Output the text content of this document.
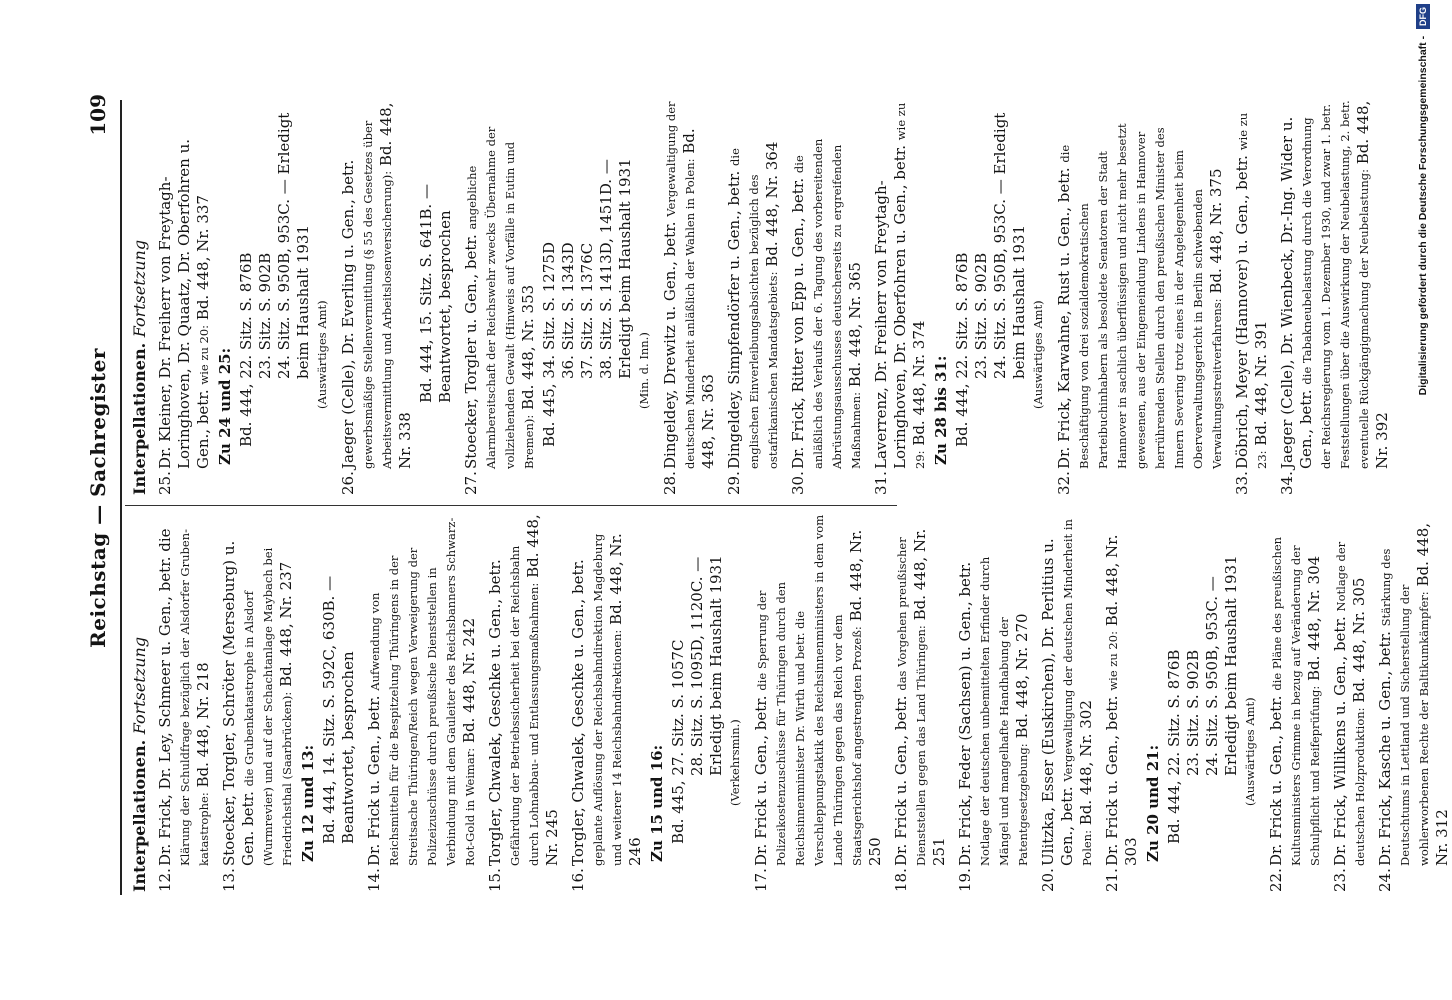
Reichstag — Sachregister
109
Interpellationen. Fortsetzung
12.
Dr. Frick, Dr. Ley, Schmeer u. Gen., betr. die Klärung der Schuldfrage bezüglich der Alsdorfer Gruben-katastrophe: Bd. 448, Nr. 218
13.
Stoecker, Torgler, Schröter (Merseburg) u. Gen. betr. die Grubenkatastrophe in Alsdorf (Wurmrevier) und auf der Schachtanlage Maybach bei Friedrichsthal (Saarbrücken): Bd. 448, Nr. 237
Zu 12 und 13: Bd. 444, 14. Sitz. S. 592C, 630B. — Beantwortet, besprochen
14.
Dr. Frick u. Gen., betr. Aufwendung von Reichsmitteln für die Bespitzelung Thüringens in der Streitsache Thüringen/Reich wegen Verweigerung der Polizeizuschüsse durch preußische Dienststellen in Verbindung mit dem Gauleiter des Reichsbanners Schwarz-Rot-Gold in Weimar: Bd. 448, Nr. 242
15.
Torgler, Chwalek, Geschke u. Gen., betr. Gefährdung der Betriebssicherheit bei der Reichsbahn durch Lohnabbau- und Entlassungsmaßnahmen: Bd. 448, Nr. 245
16.
Torgler, Chwalek, Geschke u. Gen., betr. geplante Auflösung der Reichsbahndirektion Magdeburg und weiterer 14 Reichsbahndirektionen: Bd. 448, Nr. 246 Zu 15 und 16: Bd. 445, 27. Sitz. S. 1057C 28. Sitz. S. 1095D, 1120C. — Erledigt beim Haushalt 1931 (Verkehrsmin.)
17.
Dr. Frick u. Gen., betr. die Sperrung der Polizeikostenzuschüsse für Thüringen durch den Reichsinnenminister Dr. Wirth und betr. die Verschleppungstaktik des Reichsinnenministers in dem vom Lande Thüringen gegen das Reich vor dem Staatsgerichtshof angestrengten Prozeß: Bd. 448, Nr. 250
18.
Dr. Frick u. Gen., betr. das Vorgehen preußischer Dienststellen gegen das Land Thüringen: Bd. 448, Nr. 251
19.
Dr. Frick, Feder (Sachsen) u. Gen., betr. Notlage der deutschen unbemittelten Erfinder durch Mängel und mangelhafte Handhabung der Patentgesetzgebung: Bd. 448, Nr. 270
20.
Ulitzka, Esser (Euskirchen), Dr. Perlitius u. Gen., betr. Vergewaltigung der deutschen Minderheit in Polen: Bd. 448, Nr. 302
21.
Dr. Frick u. Gen., betr. wie zu 20: Bd. 448, Nr. 303 Zu 20 und 21: Bd. 444, 22. Sitz. S. 876B 23. Sitz. S. 902B 24. Sitz. S. 950B, 953C. — Erledigt beim Haushalt 1931 (Auswärtiges Amt)
22.
Dr. Frick u. Gen., betr. die Pläne des preußischen Kultusministers Grimme in bezug auf Veränderung der Schulpflicht und Reifeprüfung: Bd. 448, Nr. 304
23.
Dr. Frick, Willikens u. Gen., betr. Notlage der deutschen Holzproduktion: Bd. 448, Nr. 305
24.
Dr. Frick, Kasche u. Gen., betr. Stärkung des Deutschtums in Lettland und Sicherstellung der wohlerworbenen Rechte der Baltikumkämpfer: Bd. 448, Nr. 312
Interpellationen. Fortsetzung
25.
Dr. Kleiner, Dr. Freiherr von Freytagh-Loringhoven, Dr. Quaatz, Dr. Oberfohren u. Gen., betr. wie zu 20: Bd. 448, Nr. 337
Zu 24 und 25: Bd. 444, 22. Sitz. S. 876B 23. Sitz. S. 902B 24. Sitz. S. 950B, 953C. — Erledigt beim Haushalt 1931 (Auswärtiges Amt)
26.
Jaeger (Celle), Dr. Everling u. Gen., betr. gewerbsmäßige Stellenvermittlung (§ 55 des Gesetzes über Arbeitsvermittlung und Arbeitslosenversicherung): Bd. 448, Nr. 338
Bd. 444, 15. Sitz. S. 641B. — Beantwortet, besprochen
27.
Stoecker, Torgler u. Gen., betr. angebliche Alarmbereitschaft der Reichswehr zwecks Übernahme der vollziehenden Gewalt (Hinweis auf Vorfälle in Eutin und Bremen): Bd. 448, Nr. 353 Bd. 445, 34. Sitz. S. 1275D 36. Sitz. S. 1343D 37. Sitz. S. 1376C 38. Sitz. S. 1413D, 1451D. — Erledigt beim Haushalt 1931 (Min. d. Inn.)
28.
Dingeldey, Drewitz u. Gen., betr. Vergewaltigung der deutschen Minderheit anläßlich der Wahlen in Polen: Bd. 448, Nr. 363
29.
Dingeldey, Simpfendörfer u. Gen., betr. die englischen Einverleibungsabsichten bezüglich des ostafrikanischen Mandatsgebiets: Bd. 448, Nr. 364
30.
Dr. Frick, Ritter von Epp u. Gen., betr. die anläßlich des Verlaufs der 6. Tagung des vorbereitenden Abrüstungsausschusses deutscherseits zu ergreifenden Maßnahmen: Bd. 448, Nr. 365
31.
Laverrenz, Dr. Freiherr von Freytagh-Loringhoven, Dr. Oberfohren u. Gen., betr. wie zu 29: Bd. 448, Nr. 374 Zu 28 bis 31: Bd. 444, 22. Sitz. S. 876B 23. Sitz. S. 902B 24. Sitz. S. 950B, 953C. — Erledigt beim Haushalt 1931 (Auswärtiges Amt)
32.
Dr. Frick, Karwahne, Rust u. Gen., betr. die Beschäftigung von drei sozialdemokratischen Parteibuchinhabern als besoldete Senatoren der Stadt Hannover in sachlich überflüssigen und nicht mehr besetzt gewesenen, aus der Eingemeindung Lindens in Hannover herrührenden Stellen durch den preußischen Minister des Innern Severing trotz eines in der Angelegenheit beim Oberverwaltungsgericht in Berlin schwebenden Verwaltungsstreitverfahrens: Bd. 448, Nr. 375
33.
Döbrich, Meyer (Hannover) u. Gen., betr. wie zu 23: Bd. 448, Nr. 391
34.
Jaeger (Celle), Dr. Wienbeck, Dr.-Ing. Wider u. Gen., betr. die Tabakneubelastung durch die Verordnung der Reichsregierung vom 1. Dezember 1930, und zwar 1. betr. Feststellungen über die Auswirkung der Neubelastung, 2. betr. eventuelle Rückgängigmachung der Neubelastung: Bd. 448, Nr. 392
Digitalisierung gefördert durch die Deutsche Forschungsgemeinschaft - DFG
